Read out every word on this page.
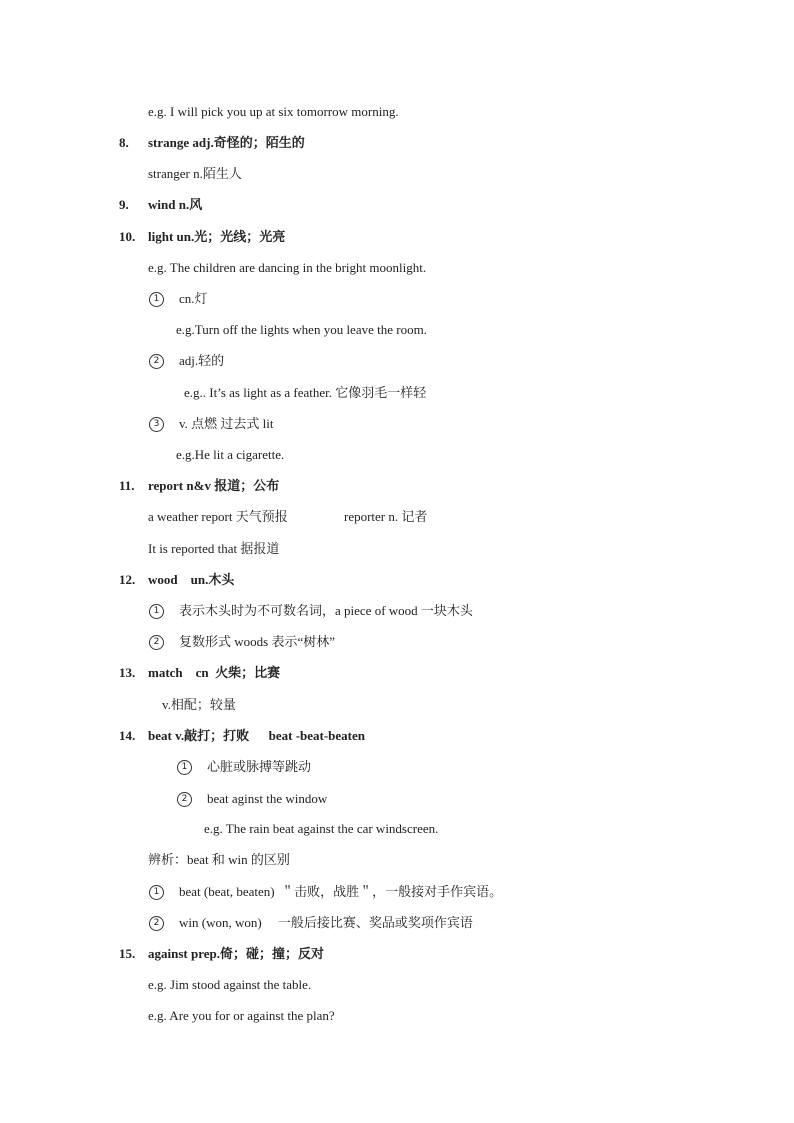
e.g. I will pick you up at six tomorrow morning.
8. strange adj.奇怪的；陌生的
stranger n.陌生人
9. wind n.风
10. light un.光；光线；光亮
e.g. The children are dancing in the bright moonlight.
1	cn.灯
e.g.Turn off the lights when you leave the room.
2	adj.轻的
e.g.. It’s as light as a feather. 它像羽毛一样轻
3	v. 点燃 过去式 lit
e.g.He lit a cigarette.
11. report n&v 报道；公布
a weather report 天气预报	reporter n. 记者
It is reported that 据报道
12. wood    un.木头
1	表示木头时为不可数名词，a piece of wood 一块木头
2	复数形式 woods 表示“树林”
13. match    cn  火柴；比赛
v.相配；较量
14. beat v.敲打；打败      beat -beat-beaten
1	心脏或脉搏等跳动
2	beat aginst the window
e.g. The rain beat against the car windscreen.
辨析：beat 和 win 的区别
1	beat (beat, beaten)  ＂击败，战胜＂，一般接对手作宾语。
2	win (won, won)     一般后接比赛、奖品或奖项作宾语
15. against prep.倚；碰；撞；反对
e.g. Jim stood against the table.
e.g. Are you for or against the plan?
